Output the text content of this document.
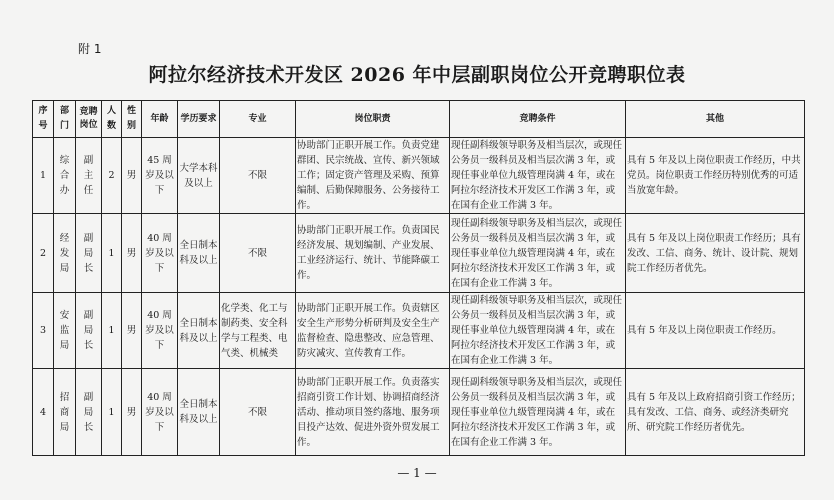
附 1
阿拉尔经济技术开发区 2026 年中层副职岗位公开竞聘职位表
序号	部门	竞聘岗位	人数	性别	年龄	学历要求	专业	岗位职责	竞聘条件	其他
1	综合办	副主任	2	男	45 周岁及以下	大学本科及以上	不限	协助部门正职开展工作。负责党建群团、民宗统战、宣传、新兴领域工作；固定资产管理及采购、预算编制、后勤保障服务、公务接待工作。	现任副科级领导职务及相当层次，或现任公务员一级科员及相当层次满 3 年，或现任事业单位九级管理岗满 4 年，或在阿拉尔经济技术开发区工作满 3 年，或在国有企业工作满 3 年。	具有 5 年及以上岗位职责工作经历，中共党员。岗位职责工作经历特别优秀的可适当放宽年龄。
2	经发局	副局长	1	男	40 周岁及以下	全日制本科及以上	不限	协助部门正职开展工作。负责国民经济发展、规划编制、产业发展、工业经济运行、统计、节能降碳工作。	现任副科级领导职务及相当层次，或现任公务员一级科员及相当层次满 3 年，或现任事业单位九级管理岗满 4 年，或在阿拉尔经济技术开发区工作满 3 年，或在国有企业工作满 3 年。	具有 5 年及以上岗位职责工作经历；具有发改、工信、商务、统计、设计院、规划院工作经历者优先。
3	安监局	副局长	1	男	40 周岁及以下	全日制本科及以上	化学类、化工与制药类、安全科学与工程类、电气类、机械类	协助部门正职开展工作。负责辖区安全生产形势分析研判及安全生产监督检查、隐患整改、应急管理、防灾减灾、宣传教育工作。	现任副科级领导职务及相当层次，或现任公务员一级科员及相当层次满 3 年，或现任事业单位九级管理岗满 4 年，或在阿拉尔经济技术开发区工作满 3 年，或在国有企业工作满 3 年。	具有 5 年及以上岗位职责工作经历。
4	招商局	副局长	1	男	40 周岁及以下	全日制本科及以上	不限	协助部门正职开展工作。负责落实招商引资工作计划、协调招商经济活动、推动项目签约落地、服务项目投产达效、促进外资外贸发展工作。	现任副科级领导职务及相当层次，或现任公务员一级科员及相当层次满 3 年，或现任事业单位九级管理岗满 4 年，或在阿拉尔经济技术开发区工作满 3 年，或在国有企业工作满 3 年。	具有 5 年及以上政府招商引资工作经历；具有发改、工信、商务、或经济类研究所、研究院工作经历者优先。
— 1 —
